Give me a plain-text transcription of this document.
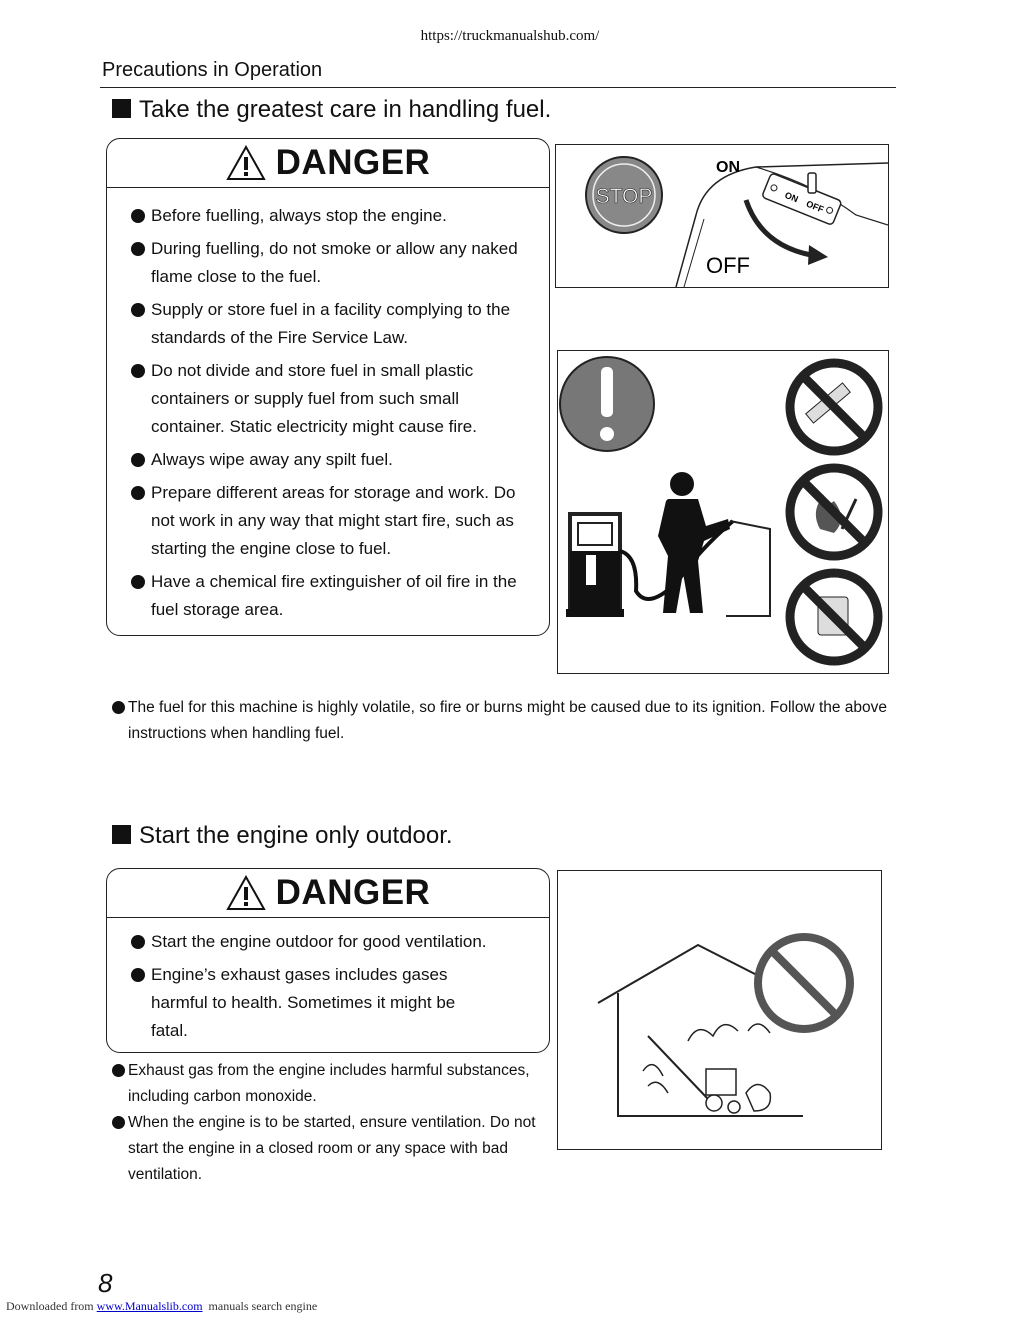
https://truckmanualshub.com/
Precautions in Operation
Take the greatest care in handling fuel.
DANGER
Before fuelling, always stop the engine.
During fuelling, do not smoke or allow any naked flame close to the fuel.
Supply or store fuel in a facility complying to the standards of the Fire Service Law.
Do not divide and store fuel in small plastic containers or supply fuel from such small container. Static electricity might cause fire.
Always wipe away any spilt fuel.
Prepare different areas for storage and work. Do not work in any way that might start fire, such as starting the engine close to fuel.
Have a chemical fire extinguisher of oil fire in the fuel storage area.
STOP	ON
OFF
ON
OFF
The fuel for this machine is highly volatile, so fire or burns might be caused due to its ignition. Follow the above instructions when handling fuel.
Start the engine only outdoor.
DANGER
Start the engine outdoor for good ventilation.
Engine’s exhaust gases includes gases harmful to health. Sometimes it might be fatal.
Exhaust gas from the engine includes harmful substances, including carbon monoxide.
When the engine is to be started, ensure ventilation. Do not start the engine in a closed room or any space with bad ventilation.
8
Downloaded from www.Manualslib.com manuals search engine
